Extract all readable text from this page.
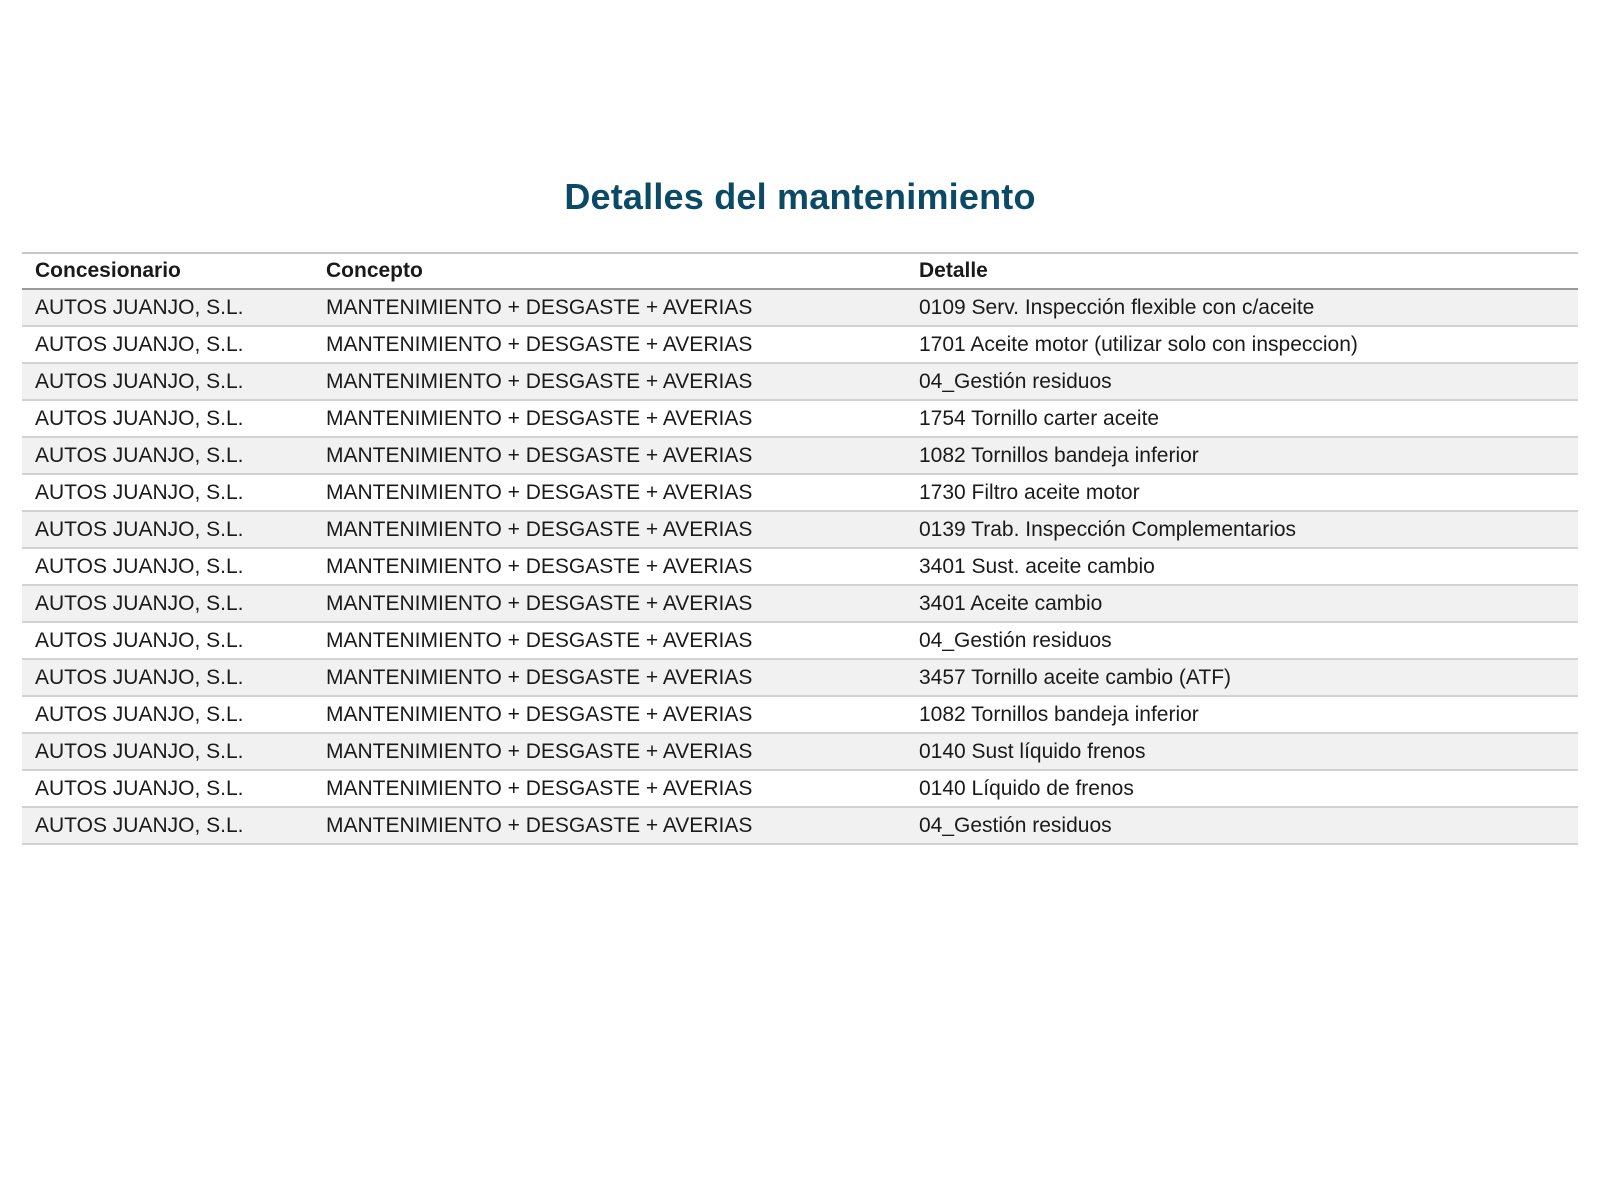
Detalles del mantenimiento
Concesionario	Concepto	Detalle
AUTOS JUANJO, S.L.	MANTENIMIENTO + DESGASTE + AVERIAS	0109 Serv. Inspección flexible con c/aceite
AUTOS JUANJO, S.L.	MANTENIMIENTO + DESGASTE + AVERIAS	1701 Aceite motor (utilizar solo con inspeccion)
AUTOS JUANJO, S.L.	MANTENIMIENTO + DESGASTE + AVERIAS	04_Gestión residuos
AUTOS JUANJO, S.L.	MANTENIMIENTO + DESGASTE + AVERIAS	1754 Tornillo carter aceite
AUTOS JUANJO, S.L.	MANTENIMIENTO + DESGASTE + AVERIAS	1082 Tornillos bandeja inferior
AUTOS JUANJO, S.L.	MANTENIMIENTO + DESGASTE + AVERIAS	1730 Filtro aceite motor
AUTOS JUANJO, S.L.	MANTENIMIENTO + DESGASTE + AVERIAS	0139 Trab. Inspección Complementarios
AUTOS JUANJO, S.L.	MANTENIMIENTO + DESGASTE + AVERIAS	3401 Sust. aceite cambio
AUTOS JUANJO, S.L.	MANTENIMIENTO + DESGASTE + AVERIAS	3401 Aceite cambio
AUTOS JUANJO, S.L.	MANTENIMIENTO + DESGASTE + AVERIAS	04_Gestión residuos
AUTOS JUANJO, S.L.	MANTENIMIENTO + DESGASTE + AVERIAS	3457 Tornillo aceite cambio (ATF)
AUTOS JUANJO, S.L.	MANTENIMIENTO + DESGASTE + AVERIAS	1082 Tornillos bandeja inferior
AUTOS JUANJO, S.L.	MANTENIMIENTO + DESGASTE + AVERIAS	0140 Sust líquido frenos
AUTOS JUANJO, S.L.	MANTENIMIENTO + DESGASTE + AVERIAS	0140 Líquido de frenos
AUTOS JUANJO, S.L.	MANTENIMIENTO + DESGASTE + AVERIAS	04_Gestión residuos
